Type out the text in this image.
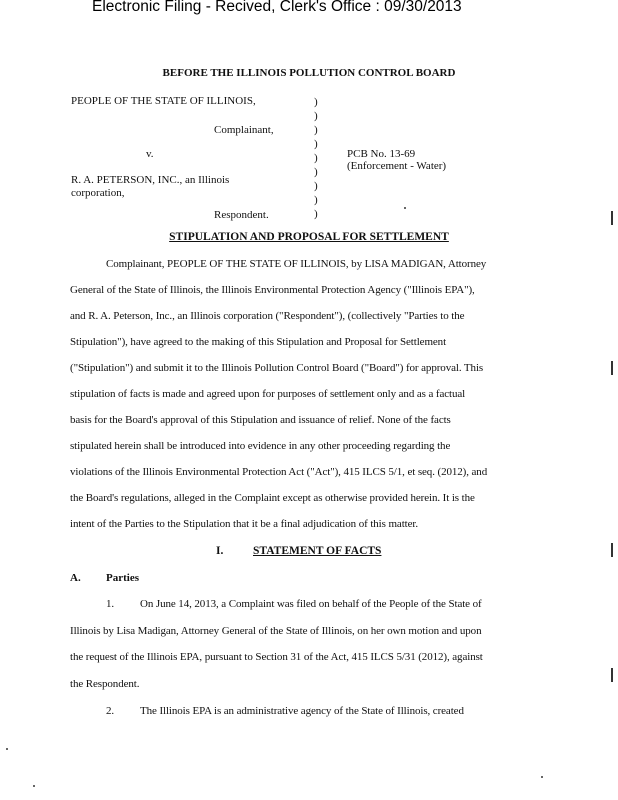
Electronic Filing - Recived, Clerk's Office : 09/30/2013
BEFORE THE ILLINOIS POLLUTION CONTROL BOARD
PEOPLE OF THE STATE OF ILLINOIS,
Complainant,
v.
R. A. PETERSON, INC., an Illinois
corporation,
Respondent.
PCB No. 13-69
(Enforcement - Water)
)
)
)
)
)
)
)
)
)
STIPULATION AND PROPOSAL FOR SETTLEMENT
Complainant, PEOPLE OF THE STATE OF ILLINOIS, by LISA MADIGAN, Attorney
General of the State of Illinois, the Illinois Environmental Protection Agency ("Illinois EPA"),
and R. A. Peterson, Inc., an Illinois corporation ("Respondent"), (collectively "Parties to the
Stipulation"), have agreed to the making of this Stipulation and Proposal for Settlement
("Stipulation") and submit it to the Illinois Pollution Control Board ("Board") for approval. This
stipulation of facts is made and agreed upon for purposes of settlement only and as a factual
basis for the Board's approval of this Stipulation and issuance of relief. None of the facts
stipulated herein shall be introduced into evidence in any other proceeding regarding the
violations of the Illinois Environmental Protection Act ("Act"), 415 ILCS 5/1, et seq. (2012), and
the Board's regulations, alleged in the Complaint except as otherwise provided herein. It is the
intent of the Parties to the Stipulation that it be a final adjudication of this matter.
I.	STATEMENT OF FACTS
A. Parties
1. On June 14, 2013, a Complaint was filed on behalf of the People of the State of
Illinois by Lisa Madigan, Attorney General of the State of Illinois, on her own motion and upon
the request of the Illinois EPA, pursuant to Section 31 of the Act, 415 ILCS 5/31 (2012), against
the Respondent.
2. The Illinois EPA is an administrative agency of the State of Illinois, created
